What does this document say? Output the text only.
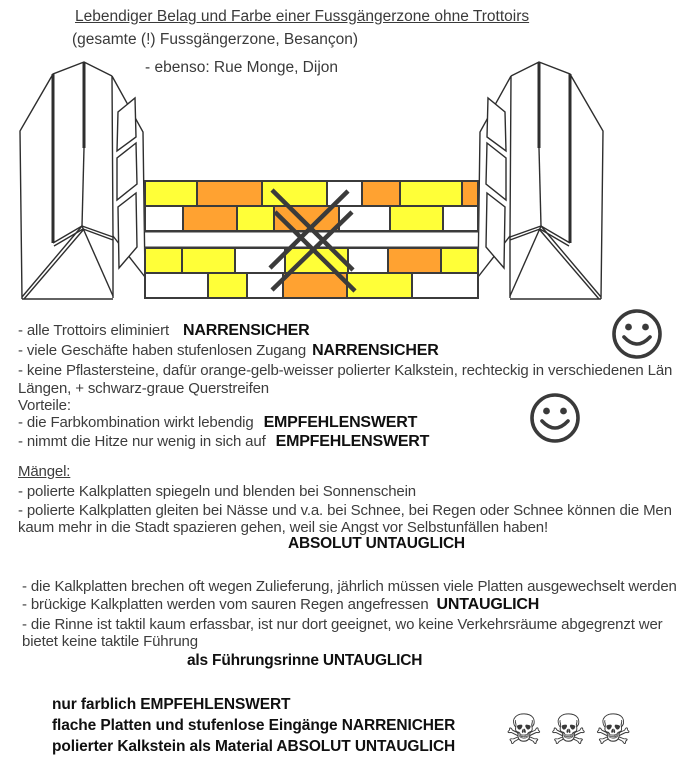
Lebendiger Belag und Farbe einer Fussgängerzone ohne Trottoirs
(gesamte (!) Fussgängerzone, Besançon)
- ebenso: Rue Monge, Dijon
- alle Trottoirs eliminiert NARRENSICHER
- viele Geschäfte haben stufenlosen Zugang NARRENSICHER
- keine Pflastersteine, dafür orange-gelb-weisser polierter Kalkstein, rechteckig in verschiedenen Län
Längen, + schwarz-graue Querstreifen
Vorteile:
- die Farbkombination wirkt lebendig EMPFEHLENSWERT
- nimmt die Hitze nur wenig in sich auf EMPFEHLENSWERT
Mängel:
- polierte Kalkplatten spiegeln und blenden bei Sonnenschein
- polierte Kalkplatten gleiten bei Nässe und v.a. bei Schnee, bei Regen oder Schnee können die Men
kaum mehr in die Stadt spazieren gehen, weil sie Angst vor Selbstunfällen haben!
ABSOLUT UNTAUGLICH
- die Kalkplatten brechen oft wegen Zulieferung, jährlich müssen viele Platten ausgewechselt werden
- brückige Kalkplatten werden vom sauren Regen angefressen UNTAUGLICH
- die Rinne ist taktil kaum erfassbar, ist nur dort geeignet, wo keine Verkehrsräume abgegrenzt wer
bietet keine taktile Führung
als Führungsrinne UNTAUGLICH
nur farblich EMPFEHLENSWERT
flache Platten und stufenlose Eingänge NARRENICHER
polierter Kalkstein als Material ABSOLUT UNTAUGLICH ☠ ☠ ☠
